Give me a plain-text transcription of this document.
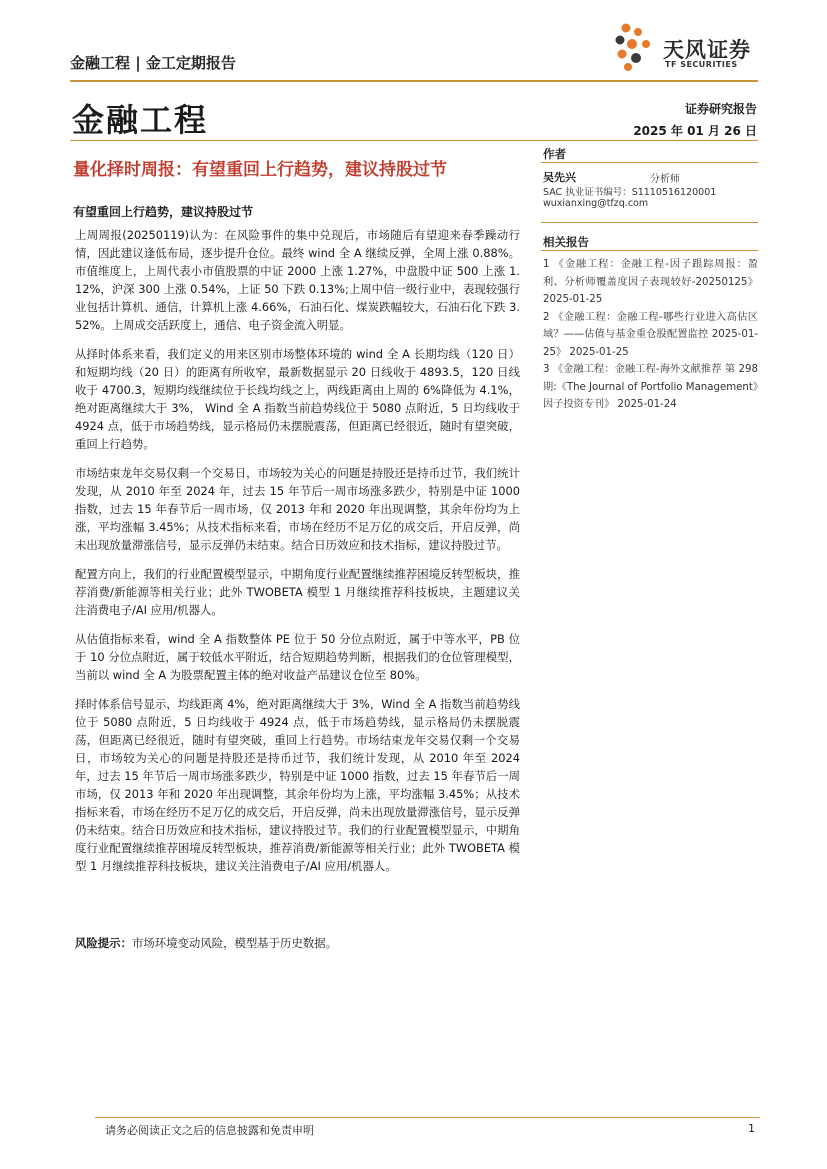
金融工程 | 金工定期报告
天风证券
TF SECURITIES
金融工程	证券研究报告
2025 年 01 月 26 日
量化择时周报：有望重回上行趋势，建议持股过节
有望重回上行趋势，建议持股过节

上周周报(20250119)认为：在风险事件的集中兑现后，市场随后有望迎来春季躁动行情，因此建议逢低布局，逐步提升仓位。最终 wind 全 A 继续反弹，全周上涨 0.88%。市值维度上，上周代表小市值股票的中证 2000 上涨 1.27%，中盘股中证 500 上涨 1.12%，沪深 300 上涨 0.54%，上证 50 下跌 0.13%;上周中信一级行业中，表现较强行业包括计算机、通信，计算机上涨 4.66%，石油石化、煤炭跌幅较大，石油石化下跌 3.52%。上周成交活跃度上，通信、电子资金流入明显。

从择时体系来看，我们定义的用来区别市场整体环境的 wind 全 A 长期均线（120 日）和短期均线（20 日）的距离有所收窄，最新数据显示 20 日线收于 4893.5，120 日线收于 4700.3，短期均线继续位于长线均线之上，两线距离由上周的 6%降低为 4.1%，绝对距离继续大于 3%， Wind 全 A 指数当前趋势线位于 5080 点附近，5 日均线收于 4924 点，低于市场趋势线，显示格局仍未摆脱震荡，但距离已经很近，随时有望突破，重回上行趋势。

市场结束龙年交易仅剩一个交易日，市场较为关心的问题是持股还是持币过节，我们统计发现，从 2010 年至 2024 年，过去 15 年节后一周市场涨多跌少，特别是中证 1000 指数，过去 15 年春节后一周市场，仅 2013 年和 2020 年出现调整，其余年份均为上涨，平均涨幅 3.45%；从技术指标来看，市场在经历不足万亿的成交后，开启反弹，尚未出现放量滞涨信号，显示反弹仍未结束。结合日历效应和技术指标，建议持股过节。

配置方向上，我们的行业配置模型显示，中期角度行业配置继续推荐困境反转型板块，推荐消费/新能源等相关行业；此外 TWOBETA 模型 1 月继续推荐科技板块，主题建议关注消费电子/AI 应用/机器人。

从估值指标来看，wind 全 A 指数整体 PE 位于 50 分位点附近，属于中等水平，PB 位于 10 分位点附近，属于较低水平附近，结合短期趋势判断，根据我们的仓位管理模型，当前以 wind 全 A 为股票配置主体的绝对收益产品建议仓位至 80%。

择时体系信号显示，均线距离 4%，绝对距离继续大于 3%，Wind 全 A 指数当前趋势线位于 5080 点附近，5 日均线收于 4924 点，低于市场趋势线，显示格局仍未摆脱震荡，但距离已经很近，随时有望突破，重回上行趋势。市场结束龙年交易仅剩一个交易日，市场较为关心的问题是持股还是持币过节，我们统计发现，从 2010 年至 2024 年，过去 15 年节后一周市场涨多跌少，特别是中证 1000 指数，过去 15 年春节后一周市场，仅 2013 年和 2020 年出现调整，其余年份均为上涨，平均涨幅 3.45%；从技术指标来看，市场在经历不足万亿的成交后，开启反弹，尚未出现放量滞涨信号，显示反弹仍未结束。结合日历效应和技术指标，建议持股过节。我们的行业配置模型显示，中期角度行业配置继续推荐困境反转型板块，推荐消费/新能源等相关行业；此外 TWOBETA 模型 1 月继续推荐科技板块，建议关注消费电子/AI 应用/机器人。

风险提示：市场环境变动风险，模型基于历史数据。
作者
吴先兴	分析师
SAC 执业证书编号：S1110516120001
wuxianxing@tfzq.com
相关报告
1 《金融工程：金融工程-因子跟踪周报：盈利、分析师覆盖度因子表现较好-20250125》 2025-01-25
2 《金融工程：金融工程-哪些行业进入高估区域？——估值与基金重仓股配置监控 2025-01-25》 2025-01-25
3 《金融工程：金融工程-海外文献推荐 第 298 期:《The Journal of Portfolio Management》因子投资专刊》 2025-01-24
请务必阅读正文之后的信息披露和免责申明	1
